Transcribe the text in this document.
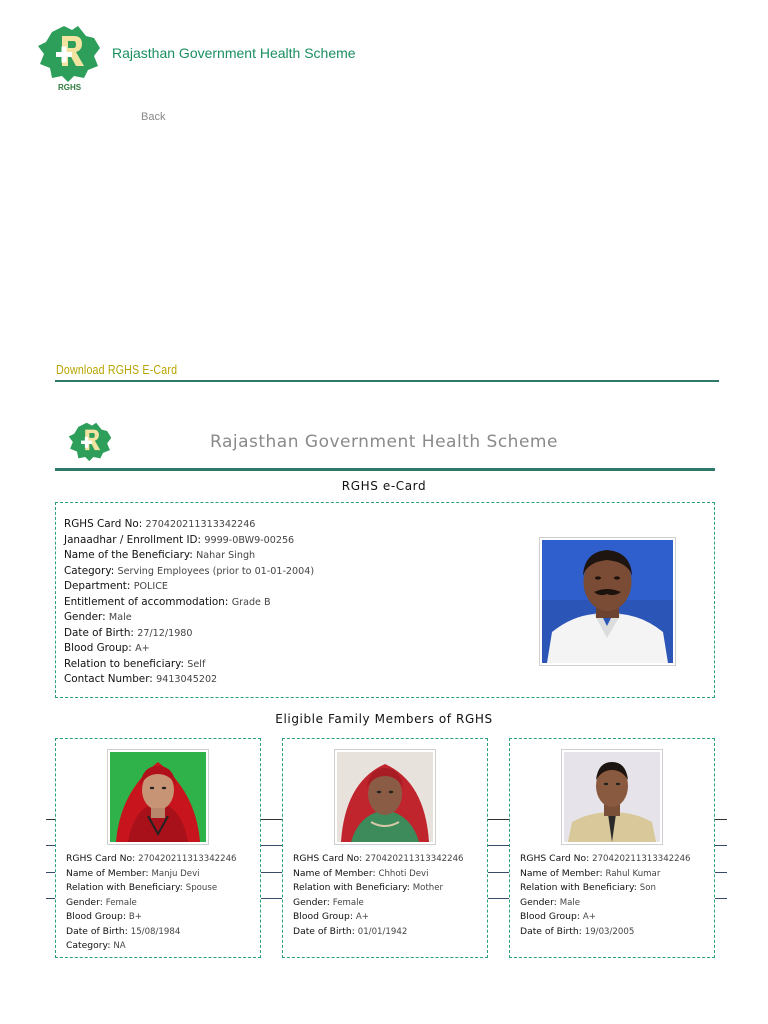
RGHS
Rajasthan Government Health Scheme
Back
Download RGHS E-Card
Rajasthan Government Health Scheme
RGHS e-Card
RGHS Card No: 270420211313342246
Janaadhar / Enrollment ID: 9999-0BW9-00256
Name of the Beneficiary: Nahar Singh
Category: Serving Employees (prior to 01-01-2004)
Department: POLICE
Entitlement of accommodation: Grade B
Gender: Male
Date of Birth: 27/12/1980
Blood Group: A+
Relation to beneficiary: Self
Contact Number: 9413045202
Eligible Family Members of RGHS
RGHS Card No: 270420211313342246
Name of Member: Manju Devi
Relation with Beneficiary: Spouse
Gender: Female
Blood Group: B+
Date of Birth: 15/08/1984
Category: NA
RGHS Card No: 270420211313342246
Name of Member: Chhoti Devi
Relation with Beneficiary: Mother
Gender: Female
Blood Group: A+
Date of Birth: 01/01/1942
RGHS Card No: 270420211313342246
Name of Member: Rahul Kumar
Relation with Beneficiary: Son
Gender: Male
Blood Group: A+
Date of Birth: 19/03/2005
